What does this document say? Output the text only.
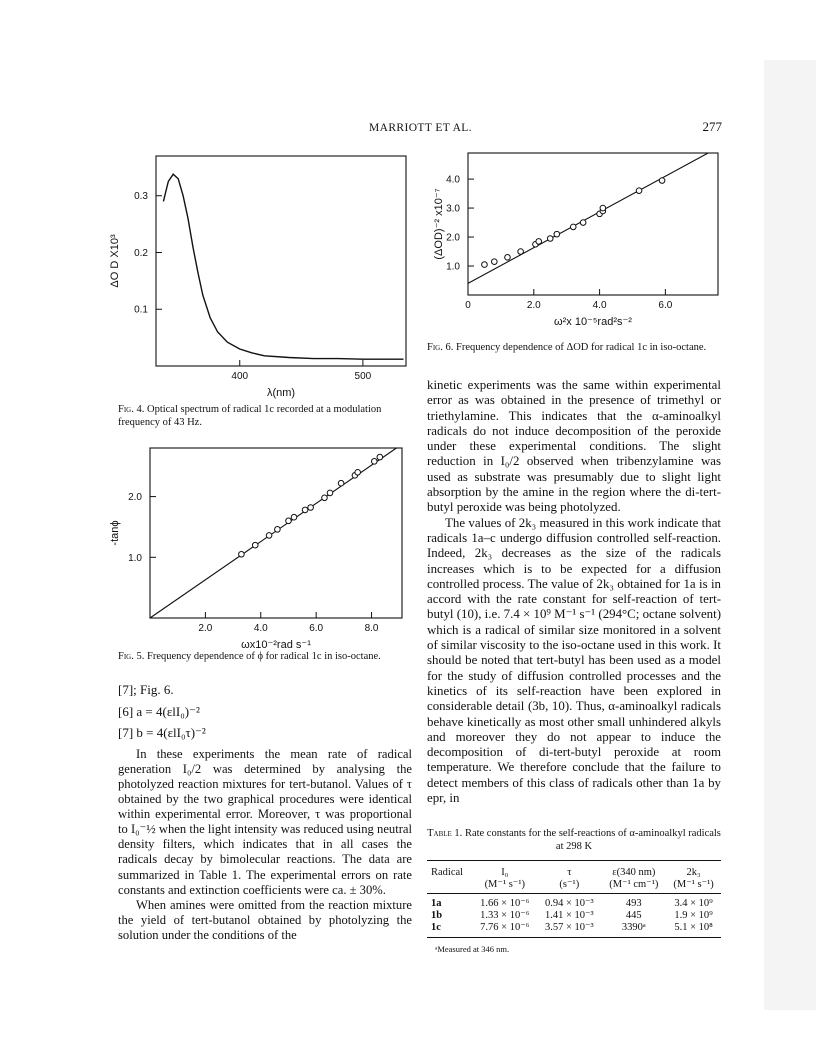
MARRIOTT ET AL.	277
400	500
0.1
0.2
0.3
λ(nm)
ΔO D X10³
Fig. 4. Optical spectrum of radical 1c recorded at a modulation frequency of 43 Hz.
2.0	4.0	6.0	8.0
1.0
2.0
ωx10⁻²rad s⁻¹
-tanϕ
Fig. 5. Frequency dependence of ϕ for radical 1c in iso-octane.
0	2.0	4.0	6.0
1.0
2.0
3.0
4.0
ω²x 10⁻⁵rad²s⁻²
(ΔOD)⁻² x10⁻⁷
Fig. 6. Frequency dependence of ΔOD for radical 1c in iso-octane.

[7]; Fig. 6.

[6] a = 4(εlI₀)⁻²

[7] b = 4(εlI₀τ)⁻²

In these experiments the mean rate of radical generation I₀/2 was determined by analysing the photolyzed reaction mixtures for tert-butanol. Values of τ obtained by the two graphical procedures were identical within experimental error. Moreover, τ was proportional to I₀⁻½ when the light intensity was reduced using neutral density filters, which indicates that in all cases the radicals decay by bimolecular reactions. The data are summarized in Table 1. The experimental errors on rate constants and extinction coefficients were ca. ± 30%.

When amines were omitted from the reaction mixture the yield of tert-butanol obtained by photolyzing the solution under the conditions of the

kinetic experiments was the same within experimental error as was obtained in the presence of trimethyl or triethylamine. This indicates that the α-aminoalkyl radicals do not induce decomposition of the peroxide under these experimental conditions. The slight reduction in I₀/2 observed when tribenzylamine was used as substrate was presumably due to slight light absorption by the amine in the region where the di-tert-butyl peroxide was being photolyzed.

The values of 2k₃ measured in this work indicate that radicals 1a–c undergo diffusion controlled self-reaction. Indeed, 2k₃ decreases as the size of the radicals increases which is to be expected for a diffusion controlled process. The value of 2k₃ obtained for 1a is in accord with the rate constant for self-reaction of tert-butyl (10), i.e. 7.4 × 10⁹ M⁻¹ s⁻¹ (294°C; octane solvent) which is a radical of similar size monitored in a solvent of similar viscosity to the iso-octane used in this work. It should be noted that tert-butyl has been used as a model for the study of diffusion controlled processes and the kinetics of its self-reaction have been explored in considerable detail (3b, 10). Thus, α-aminoalkyl radicals behave kinetically as most other small unhindered alkyls and moreover they do not appear to induce the decomposition of di-tert-butyl peroxide at room temperature. We therefore conclude that the failure to detect members of this class of radicals other than 1a by epr, in

Table 1. Rate constants for the self-reactions of α-aminoalkyl radicals at 298 K
Radical	I₀	τ	ε(340 nm)	2k₃
	(M⁻¹ s⁻¹)	(s⁻¹)	(M⁻¹ cm⁻¹)	(M⁻¹ s⁻¹)
1a	1.66 × 10⁻⁶	0.94 × 10⁻³	493	3.4 × 10⁹
1b	1.33 × 10⁻⁶	1.41 × 10⁻³	445	1.9 × 10⁹
1c	7.76 × 10⁻⁶	3.57 × 10⁻³	3390ᵃ	5.1 × 10⁸
ᵃMeasured at 346 nm.
